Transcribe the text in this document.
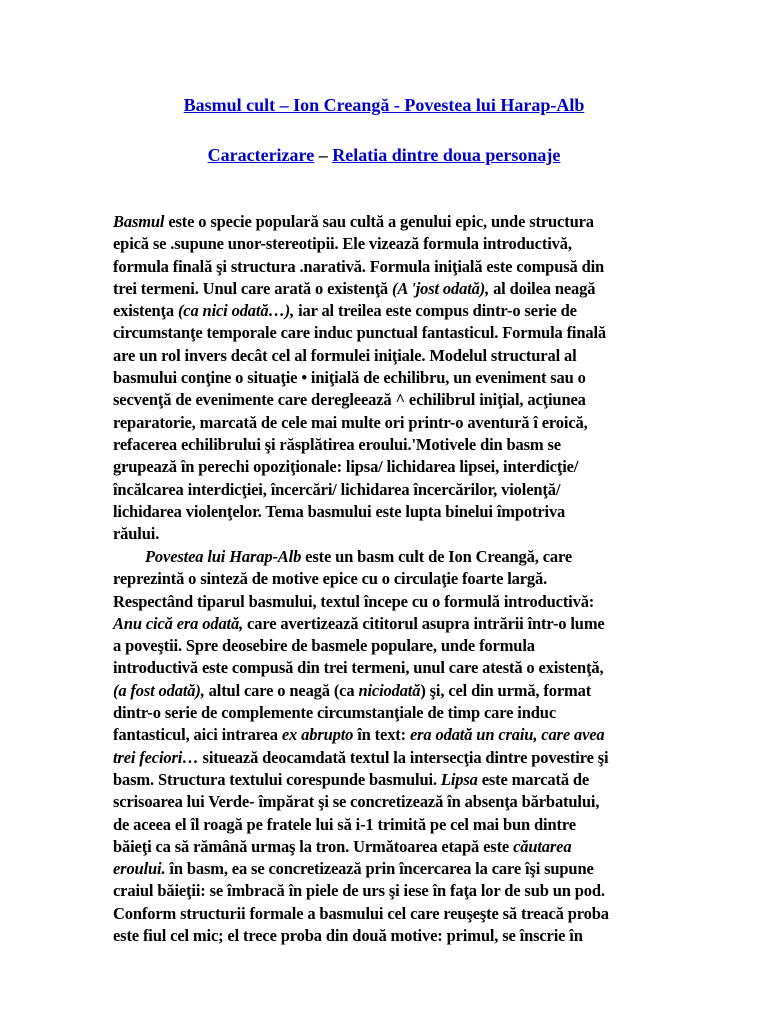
Basmul cult – Ion Creangă - Povestea lui Harap-Alb
Caracterizare – Relatia dintre doua personaje
Basmul este o specie populară sau cultă a genului epic, unde structura
epică se .supune unor-stereotipii. Ele vizează formula introductivă,
formula finală şi structura .narativă. Formula iniţială este compusă din
trei termeni. Unul care arată o existenţă (A 'jost odată), al doilea neagă
existenţa (ca nici odată…), iar al treilea este compus dintr-o serie de
circumstanţe temporale care induc punctual fantasticul. Formula finală
are un rol invers decât cel al formulei iniţiale. Modelul structural al
basmului conţine o situaţie • iniţială de echilibru, un eveniment sau o
secvenţă de evenimente care deregleează ^ echilibrul iniţial, acţiunea
reparatorie, marcată de cele mai multe ori printr-o aventură î eroică,
refacerea echilibrului şi răsplătirea eroului.'Motivele din basm se
grupează în perechi opoziţionale: lipsa/ lichidarea lipsei, interdicţie/
încălcarea interdicţiei, încercări/ lichidarea încercărilor, violenţă/
lichidarea violenţelor. Tema basmului este lupta binelui împotriva
răului.
Povestea lui Harap-Alb este un basm cult de Ion Creangă, care
reprezintă o sinteză de motive epice cu o circulaţie foarte largă.
Respectând tiparul basmului, textul începe cu o formulă introductivă:
Anu cică era odată, care avertizează cititorul asupra intrării într-o lume
a poveştii. Spre deosebire de basmele populare, unde formula
introductivă este compusă din trei termeni, unul care atestă o existenţă,
(a fost odată), altul care o neagă (ca niciodată) şi, cel din urmă, format
dintr-o serie de complemente circumstanţiale de timp care induc
fantasticul, aici intrarea ex abrupto în text: era odată un craiu, care avea
trei feciori… situează deocamdată textul la intersecţia dintre povestire şi
basm. Structura textului corespunde basmului. Lipsa este marcată de
scrisoarea lui Verde- împărat şi se concretizează în absenţa bărbatului,
de aceea el îl roagă pe fratele lui să i-1 trimită pe cel mai bun dintre
băieţi ca să rămână urmaş la tron. Următoarea etapă este căutarea
eroului. în basm, ea se concretizează prin încercarea la care îşi supune
craiul băieţii: se îmbracă în piele de urs şi iese în faţa lor de sub un pod.
Conform structurii formale a basmului cel care reuşeşte să treacă proba
este fiul cel mic; el trece proba din două motive: primul, se înscrie în
